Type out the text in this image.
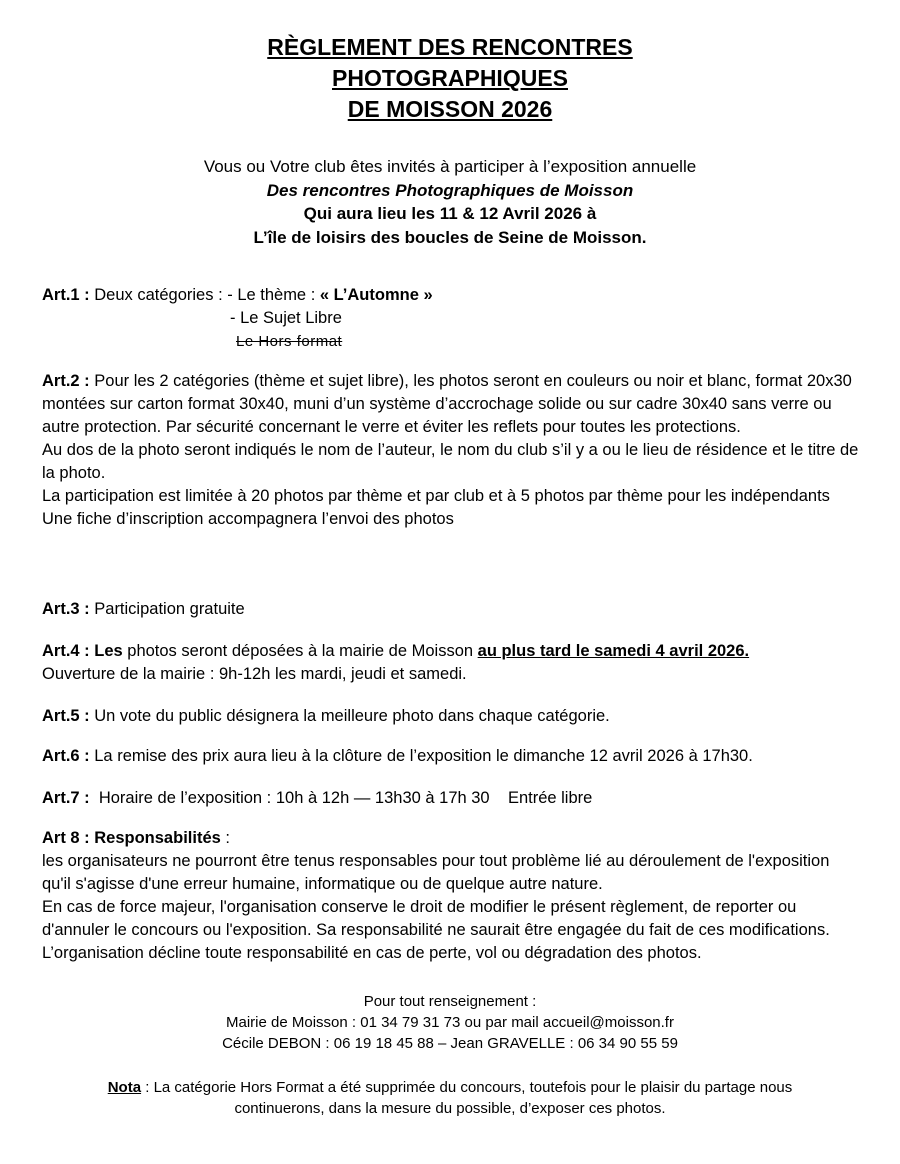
RÈGLEMENT DES RENCONTRES
PHOTOGRAPHIQUES
DE MOISSON 2026
Vous ou Votre club êtes invités à participer à l’exposition annuelle
Des rencontres Photographiques de Moisson
Qui aura lieu les 11 & 12 Avril 2026 à
L’île de loisirs des boucles de Seine de Moisson.
Art.1 : Deux catégories : - Le thème : « L’Automne »
- Le Sujet Libre
Le Hors format
Art.2 : Pour les 2 catégories (thème et sujet libre), les photos seront en couleurs ou noir et blanc, format 20x30 montées sur carton format 30x40, muni d’un système d’accrochage solide ou sur cadre 30x40 sans verre ou autre protection. Par sécurité concernant le verre et éviter les reflets pour toutes les protections.
Au dos de la photo seront indiqués le nom de l’auteur, le nom du club s’il y a ou le lieu de résidence et le titre de la photo.
La participation est limitée à 20 photos par thème et par club et à 5 photos par thème pour les indépendants
Une fiche d’inscription accompagnera l’envoi des photos
Art.3 : Participation gratuite
Art.4 : Les photos seront déposées à la mairie de Moisson au plus tard le samedi 4 avril 2026.
Ouverture de la mairie : 9h-12h les mardi, jeudi et samedi.
Art.5 : Un vote du public désignera la meilleure photo dans chaque catégorie.
Art.6 : La remise des prix aura lieu à la clôture de l’exposition le dimanche 12 avril 2026 à 17h30.
Art.7 :  Horaire de l’exposition : 10h à 12h — 13h30 à 17h 30    Entrée libre
Art 8 : Responsabilités :
les organisateurs ne pourront être tenus responsables pour tout problème lié au déroulement de l'exposition qu'il s'agisse d'une erreur humaine, informatique ou de quelque autre nature.
En cas de force majeur, l'organisation conserve le droit de modifier le présent règlement, de reporter ou d'annuler le concours ou l'exposition. Sa responsabilité ne saurait être engagée du fait de ces modifications. L’organisation décline toute responsabilité en cas de perte, vol ou dégradation des photos.
Pour tout renseignement :
Mairie de Moisson : 01 34 79 31 73 ou par mail accueil@moisson.fr
Cécile DEBON : 06 19 18 45 88 – Jean GRAVELLE : 06 34 90 55 59
Nota : La catégorie Hors Format a été supprimée du concours, toutefois pour le plaisir du partage nous
continuerons, dans la mesure du possible, d’exposer ces photos.
